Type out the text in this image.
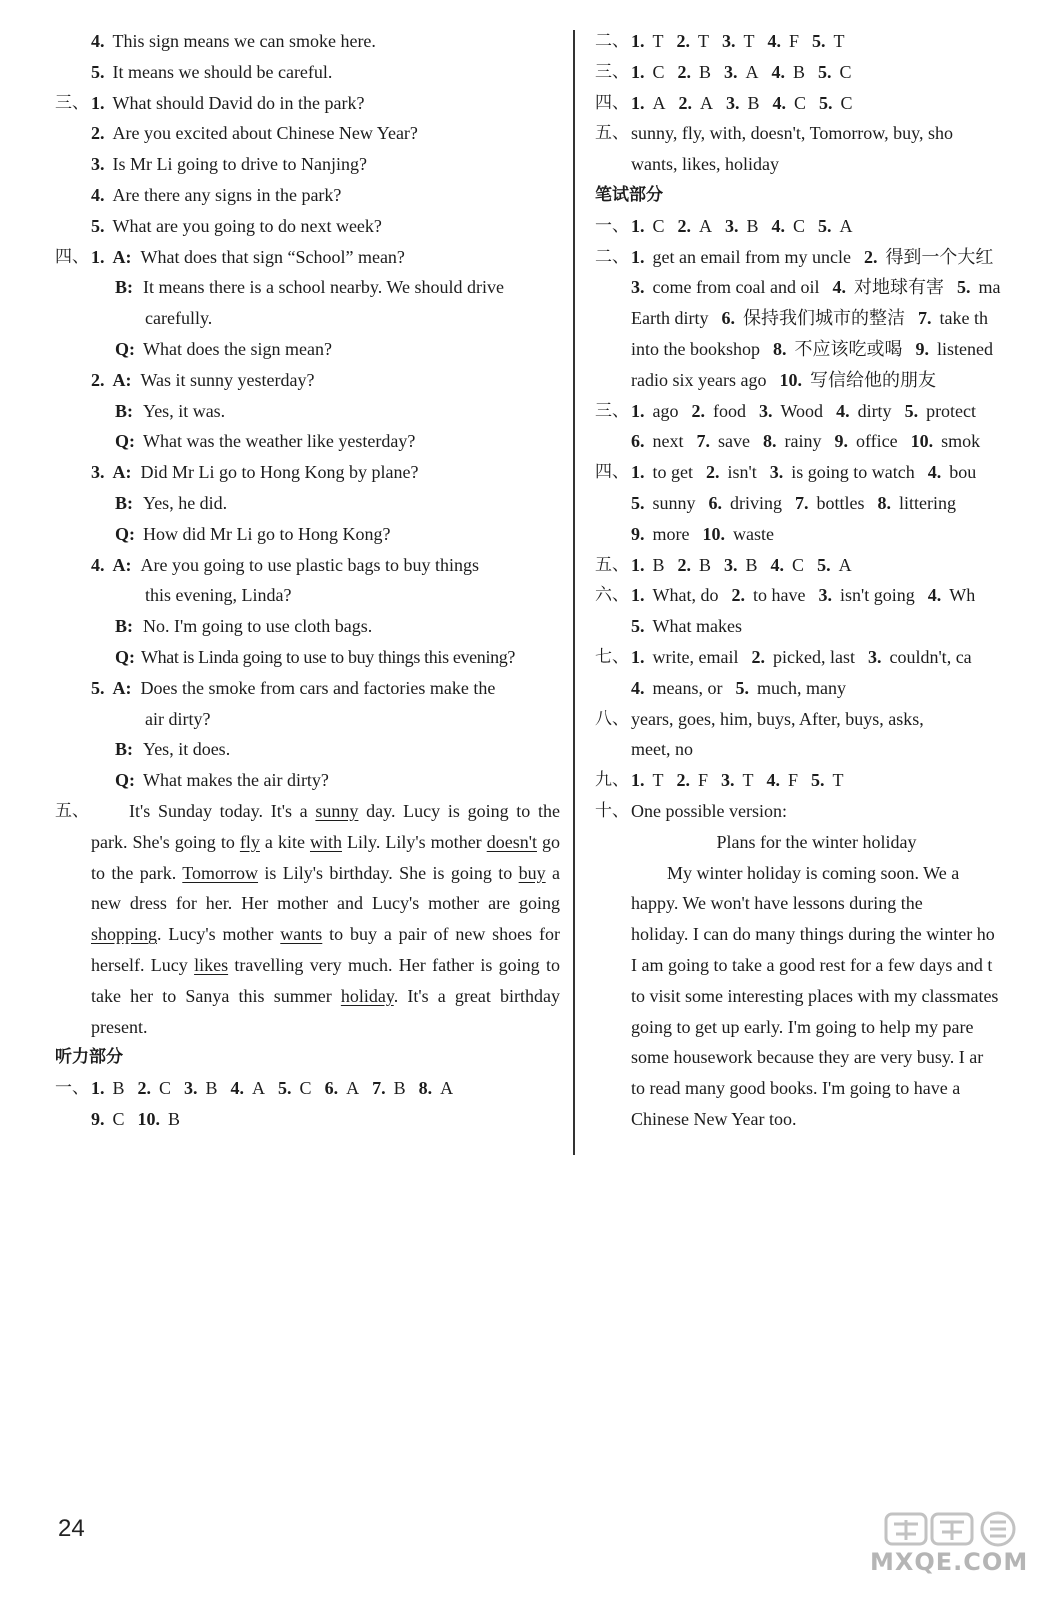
4. This sign means we can smoke here.
5. It means we should be careful.
三、 1. What should David do in the park?
2. Are you excited about Chinese New Year?
3. Is Mr Li going to drive to Nanjing?
4. Are there any signs in the park?
5. What are you going to do next week?
四、 1. A: What does that sign “School” mean?
B: It means there is a school nearby. We should drive
carefully.
Q: What does the sign mean?
2. A: Was it sunny yesterday?
B: Yes, it was.
Q: What was the weather like yesterday?
3. A: Did Mr Li go to Hong Kong by plane?
B: Yes, he did.
Q: How did Mr Li go to Hong Kong?
4. A: Are you going to use plastic bags to buy things
this evening, Linda?
B: No. I'm going to use cloth bags.
Q: What is Linda going to use to buy things this evening?
5. A: Does the smoke from cars and factories make the
air dirty?
B: Yes, it does.
Q: What makes the air dirty?
五、	It's Sunday today. It's a sunny day. Lucy is going to the park. She's going to fly a kite with Lily. Lily's mother doesn't go to the park. Tomorrow is Lily's birthday. She is going to buy a new dress for her. Her mother and Lucy's mother are going shopping. Lucy's mother wants to buy a pair of new shoes for herself. Lucy likes travelling very much. Her father is going to take her to Sanya this summer holiday. It's a great birthday present.
听力部分
一、 1. B 2. C 3. B 4. A 5. C 6. A 7. B 8. A
9. C 10. B
二、 1. T 2. T 3. T 4. F 5. T
三、 1. C 2. B 3. A 4. B 5. C
四、 1. A 2. A 3. B 4. C 5. C
五、 sunny, fly, with, doesn't, Tomorrow, buy, sho
wants, likes, holiday
笔试部分
一、 1. C 2. A 3. B 4. C 5. A
二、 1. get an email from my uncle 2. 得到一个大红
3. come from coal and oil 4. 对地球有害 5. ma
Earth dirty 6. 保持我们城市的整洁 7. take th
into the bookshop 8. 不应该吃或喝 9. listened
radio six years ago 10. 写信给他的朋友
三、 1. ago 2. food 3. Wood 4. dirty 5. protect
6. next 7. save 8. rainy 9. office 10. smok
四、 1. to get 2. isn't 3. is going to watch 4. bou
5. sunny 6. driving 7. bottles 8. littering
9. more 10. waste
五、 1. B 2. B 3. B 4. C 5. A
六、 1. What, do 2. to have 3. isn't going 4. Wh
5. What makes
七、 1. write, email 2. picked, last 3. couldn't, ca
4. means, or 5. much, many
八、 years, goes, him, buys, After, buys, asks,
meet, no
九、 1. T 2. F 3. T 4. F 5. T
十、 One possible version:
Plans for the winter holiday
My winter holiday is coming soon. We a
happy. We won't have lessons during the
holiday. I can do many things during the winter ho
I am going to take a good rest for a few days and t
to visit some interesting places with my classmates
going to get up early. I'm going to help my pare
some housework because they are very busy. I ar
to read many good books. I'm going to have a
Chinese New Year too.
24
MXQE.COM
